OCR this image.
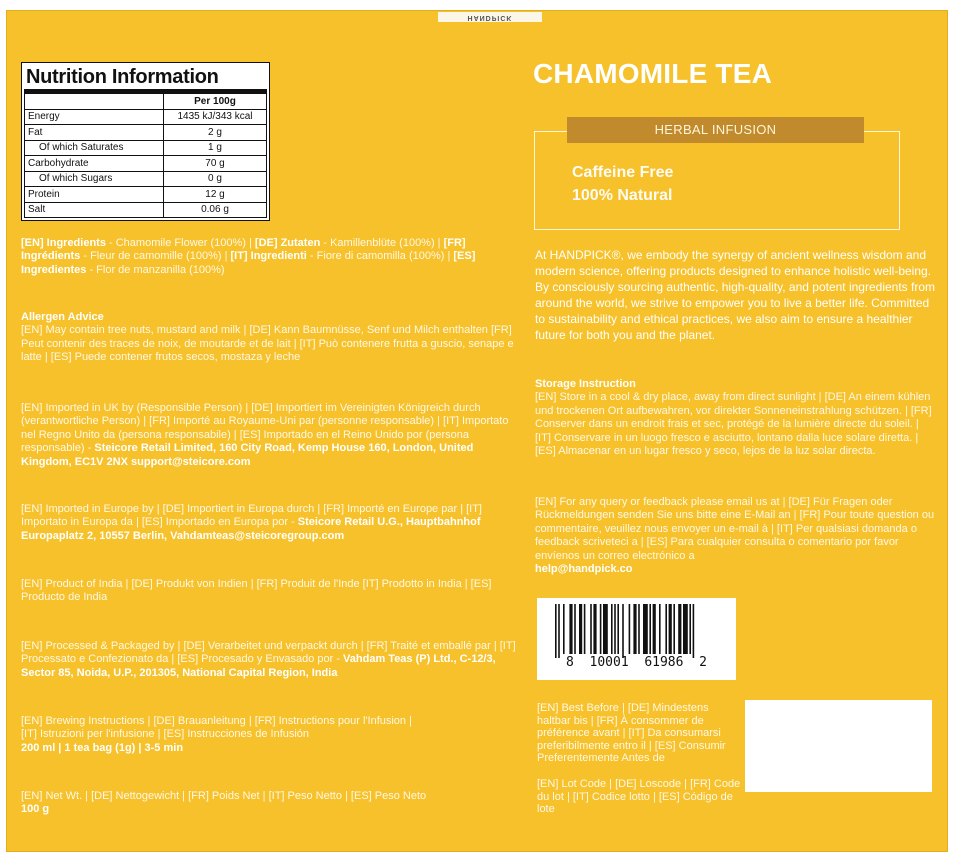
HANDPICK
Nutrition Information
	Per 100g
Energy	1435 kJ/343 kcal
Fat	2 g
Of which Saturates	1 g
Carbohydrate	70 g
Of which Sugars	0 g
Protein	12 g
Salt	0.06 g
[EN] Ingredients - Chamomile Flower (100%) | [DE] Zutaten - Kamillenblüte (100%) | [FR] Ingrédients - Fleur de camomille (100%) | [IT] Ingredienti - Fiore di camomilla (100%) | [ES] Ingredientes - Flor de manzanilla (100%)
Allergen Advice
[EN] May contain tree nuts, mustard and milk | [DE] Kann Baumnüsse, Senf und Milch enthalten [FR] Peut contenir des traces de noix, de moutarde et de lait | [IT] Può contenere frutta a guscio, senape e latte | [ES] Puede contener frutos secos, mostaza y leche
[EN] Imported in UK by (Responsible Person) | [DE] Importiert im Vereinigten Königreich durch (verantwortliche Person) | [FR] Importé au Royaume-Uni par (personne responsable) | [IT] Importato nel Regno Unito da (persona responsabile) | [ES] Importado en el Reino Unido por (persona responsable) - Steicore Retail Limited, 160 City Road, Kemp House 160, London, United Kingdom, EC1V 2NX support@steicore.com
[EN] Imported in Europe by | [DE] Importiert in Europa durch | [FR] Importé en Europe par | [IT] Importato in Europa da | [ES] Importado en Europa por - Steicore Retail U.G., Hauptbahnhof Europaplatz 2, 10557 Berlin, Vahdamteas@steicoregroup.com
[EN] Product of India | [DE] Produkt von Indien | [FR] Produit de l'Inde [IT] Prodotto in India | [ES] Producto de India
[EN] Processed & Packaged by | [DE] Verarbeitet und verpackt durch | [FR] Traité et emballé par | [IT] Processato e Confezionato da | [ES] Procesado y Envasado por - Vahdam Teas (P) Ltd., C-12/3, Sector 85, Noida, U.P., 201305, National Capital Region, India
[EN] Brewing Instructions | [DE] Brauanleitung | [FR] Instructions pour l'Infusion | [IT] Istruzioni per l'infusione | [ES] Instrucciones de Infusión
200 ml | 1 tea bag (1g) | 3-5 min
[EN] Net Wt. | [DE] Nettogewicht | [FR] Poids Net | [IT] Peso Netto | [ES] Peso Neto
100 g
CHAMOMILE TEA
HERBAL INFUSION
Caffeine Free
100% Natural
At HANDPICK®, we embody the synergy of ancient wellness wisdom and modern science, offering products designed to enhance holistic well-being. By consciously sourcing authentic, high-quality, and potent ingredients from around the world, we strive to empower you to live a better life. Committed to sustainability and ethical practices, we also aim to ensure a healthier future for both you and the planet.
Storage Instruction
[EN] Store in a cool & dry place, away from direct sunlight | [DE] An einem kühlen und trockenen Ort aufbewahren, vor direkter Sonneneinstrahlung schützen. | [FR] Conserver dans un endroit frais et sec, protégé de la lumière directe du soleil. | [IT] Conservare in un luogo fresco e asciutto, lontano dalla luce solare diretta. | [ES] Almacenar en un lugar fresco y seco, lejos de la luz solar directa.
[EN] For any query or feedback please email us at | [DE] Für Fragen oder Rückmeldungen senden Sie uns bitte eine E-Mail an | [FR] Pour toute question ou commentaire, veuillez nous envoyer un e-mail à | [IT] Per qualsiasi domanda o feedback scriveteci a | [ES] Para cualquier consulta o comentario por favor envíenos un correo electrónico a
help@handpick.co
8 10001 61986 2
[EN] Best Before | [DE] Mindestens haltbar bis | [FR] À consommer de préférence avant | [IT] Da consumarsi preferibilmente entro il | [ES] Consumir Preferentemente Antes de
[EN] Lot Code | [DE] Loscode | [FR] Code du lot | [IT] Codice lotto | [ES] Código de lote
